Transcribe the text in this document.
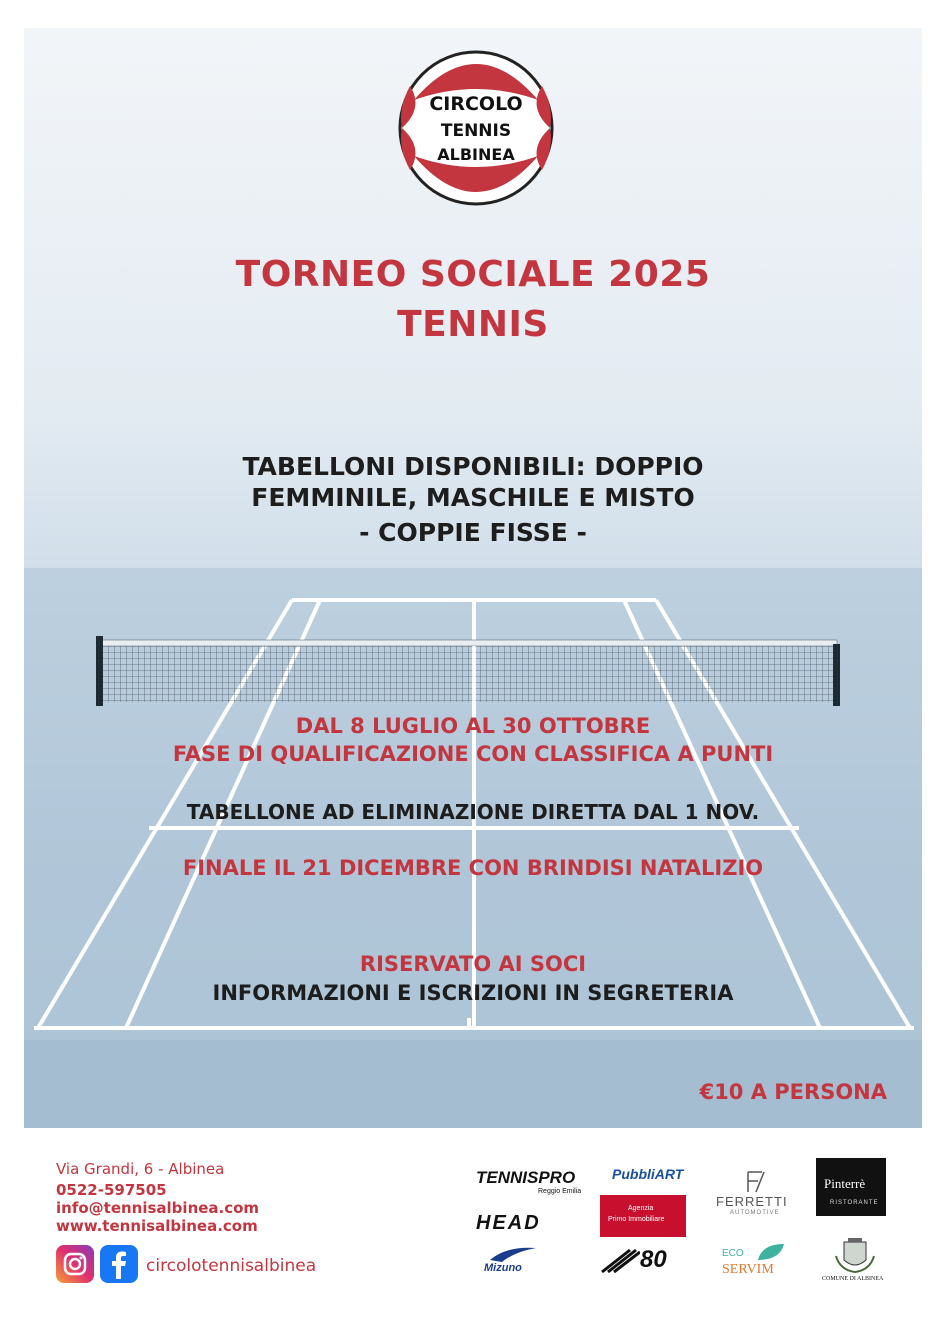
CIRCOLO
TENNIS
ALBINEA

TORNEO SOCIALE 2025

TENNIS

TABELLONI DISPONIBILI: DOPPIO

FEMMINILE, MASCHILE E MISTO

- COPPIE FISSE -

DAL 8 LUGLIO AL 30 OTTOBRE

FASE DI QUALIFICAZIONE CON CLASSIFICA A PUNTI

TABELLONE AD ELIMINAZIONE DIRETTA DAL 1 NOV.

FINALE IL 21 DICEMBRE CON BRINDISI NATALIZIO

RISERVATO AI SOCI

INFORMAZIONI E ISCRIZIONI IN SEGRETERIA

€10 A PERSONA

Via Grandi, 6 - Albinea

0522-597505

info@tennisalbinea.com

www.tennisalbinea.com

circolotennisalbinea

TENNISPRO

Reggio Emilia

PubbliART

FERRETTI

AUTOMOTIVE

Pinterrè

RISTORANTE

HEAD

Agenzia

Primo Immobiliare

Mizuno	80	ECO

SERVIM

COMUNE DI ALBINEA
